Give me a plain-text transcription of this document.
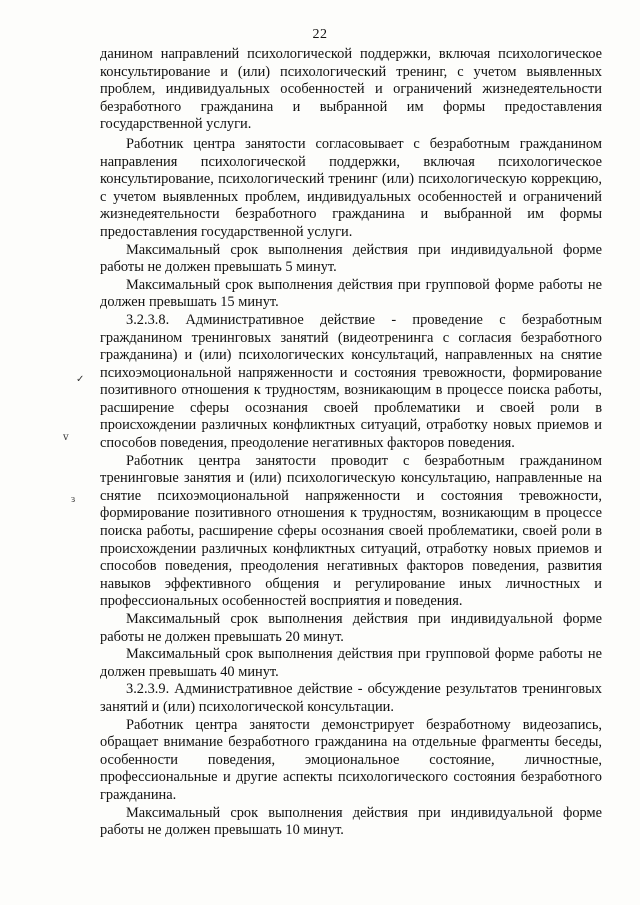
22
✓
ⅴ
ɜ

данином направлений психологической поддержки, включая психологическое консультирование и (или) психологический тренинг, с учетом выявленных проблем, индивидуальных особенностей и ограничений жизнедеятельности безработного гражданина и выбранной им формы предоставления государственной услуги.

Работник центра занятости согласовывает с безработным гражданином направления психологической поддержки, включая психологическое консультирование, психологический тренинг (или) психологическую коррекцию, с учетом выявленных проблем, индивидуальных особенностей и ограничений жизнедеятельности безработного гражданина и выбранной им формы предоставления государственной услуги.

Максимальный срок выполнения действия при индивидуальной форме работы не должен превышать 5 минут.

Максимальный срок выполнения действия при групповой форме работы не должен превышать 15 минут.

3.2.3.8. Административное действие - проведение с безработным гражданином тренинговых занятий (видеотренинга с согласия безработного гражданина) и (или) психологических консультаций, направленных на снятие психоэмоциональной напряженности и состояния тревожности, формирование позитивного отношения к трудностям, возникающим в процессе поиска работы, расширение сферы осознания своей проблематики и своей роли в происхождении различных конфликтных ситуаций, отработку новых приемов и способов поведения, преодоление негативных факторов поведения.

Работник центра занятости проводит с безработным гражданином тренинговые занятия и (или) психологическую консультацию, направленные на снятие психоэмоциональной напряженности и состояния тревожности, формирование позитивного отношения к трудностям, возникающим в процессе поиска работы, расширение сферы осознания своей проблематики, своей роли в происхождении различных конфликтных ситуаций, отработку новых приемов и способов поведения, преодоления негативных факторов поведения, развития навыков эффективного общения и регулирование иных личностных и профессиональных особенностей восприятия и поведения.

Максимальный срок выполнения действия при индивидуальной форме работы не должен превышать 20 минут.

Максимальный срок выполнения действия при групповой форме работы не должен превышать 40 минут.

3.2.3.9. Административное действие - обсуждение результатов тренинговых занятий и (или) психологической консультации.

Работник центра занятости демонстрирует безработному видеозапись, обращает внимание безработного гражданина на отдельные фрагменты беседы, особенности поведения, эмоциональное состояние, личностные, профессиональные и другие аспекты психологического состояния безработного гражданина.

Максимальный срок выполнения действия при индивидуальной форме работы не должен превышать 10 минут.
